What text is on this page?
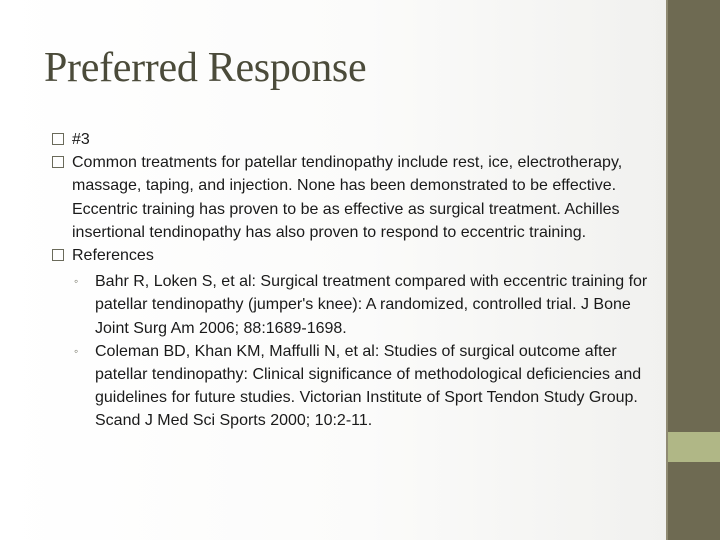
Preferred Response

#3

Common treatments for patellar tendinopathy include rest, ice, electrotherapy, massage, taping, and injection. None has been demonstrated to be effective. Eccentric training has proven to be as effective as surgical treatment. Achilles insertional tendinopathy has also proven to respond to eccentric training.

References

◦ Bahr R, Loken S, et al: Surgical treatment compared with eccentric training for patellar tendinopathy (jumper's knee): A randomized, controlled trial. J Bone Joint Surg Am 2006; 88:1689-1698.

◦ Coleman BD, Khan KM, Maffulli N, et al: Studies of surgical outcome after patellar tendinopathy: Clinical significance of methodological deficiencies and guidelines for future studies. Victorian Institute of Sport Tendon Study Group. Scand J Med Sci Sports 2000; 10:2-11.
